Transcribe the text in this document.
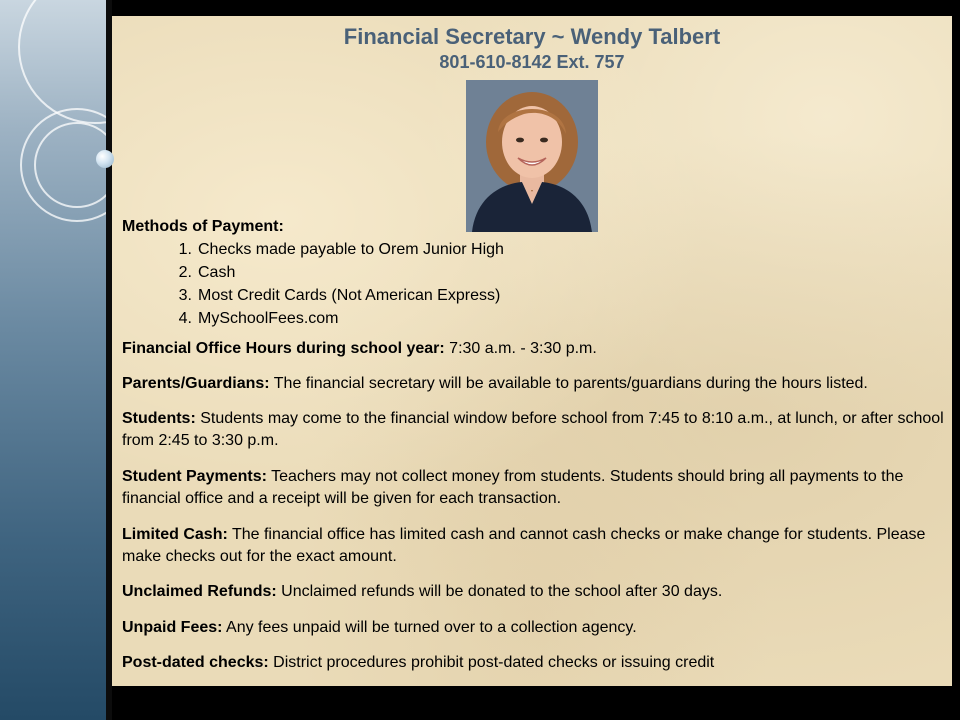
Financial Secretary ~ Wendy Talbert
801-610-8142 Ext. 757
Methods of Payment:
1. Checks made payable to Orem Junior High
2. Cash
3. Most Credit Cards (Not American Express)
4. MySchoolFees.com

Financial Office Hours during school year: 7:30 a.m. - 3:30 p.m.

Parents/Guardians: The financial secretary will be available to parents/guardians during the hours listed.

Students: Students may come to the financial window before school from 7:45 to 8:10 a.m., at lunch, or after school from 2:45 to 3:30 p.m.

Student Payments: Teachers may not collect money from students. Students should bring all payments to the financial office and a receipt will be given for each transaction.

Limited Cash: The financial office has limited cash and cannot cash checks or make change for students. Please make checks out for the exact amount.

Unclaimed Refunds: Unclaimed refunds will be donated to the school after 30 days.

Unpaid Fees: Any fees unpaid will be turned over to a collection agency.

Post-dated checks: District procedures prohibit post-dated checks or issuing credit
